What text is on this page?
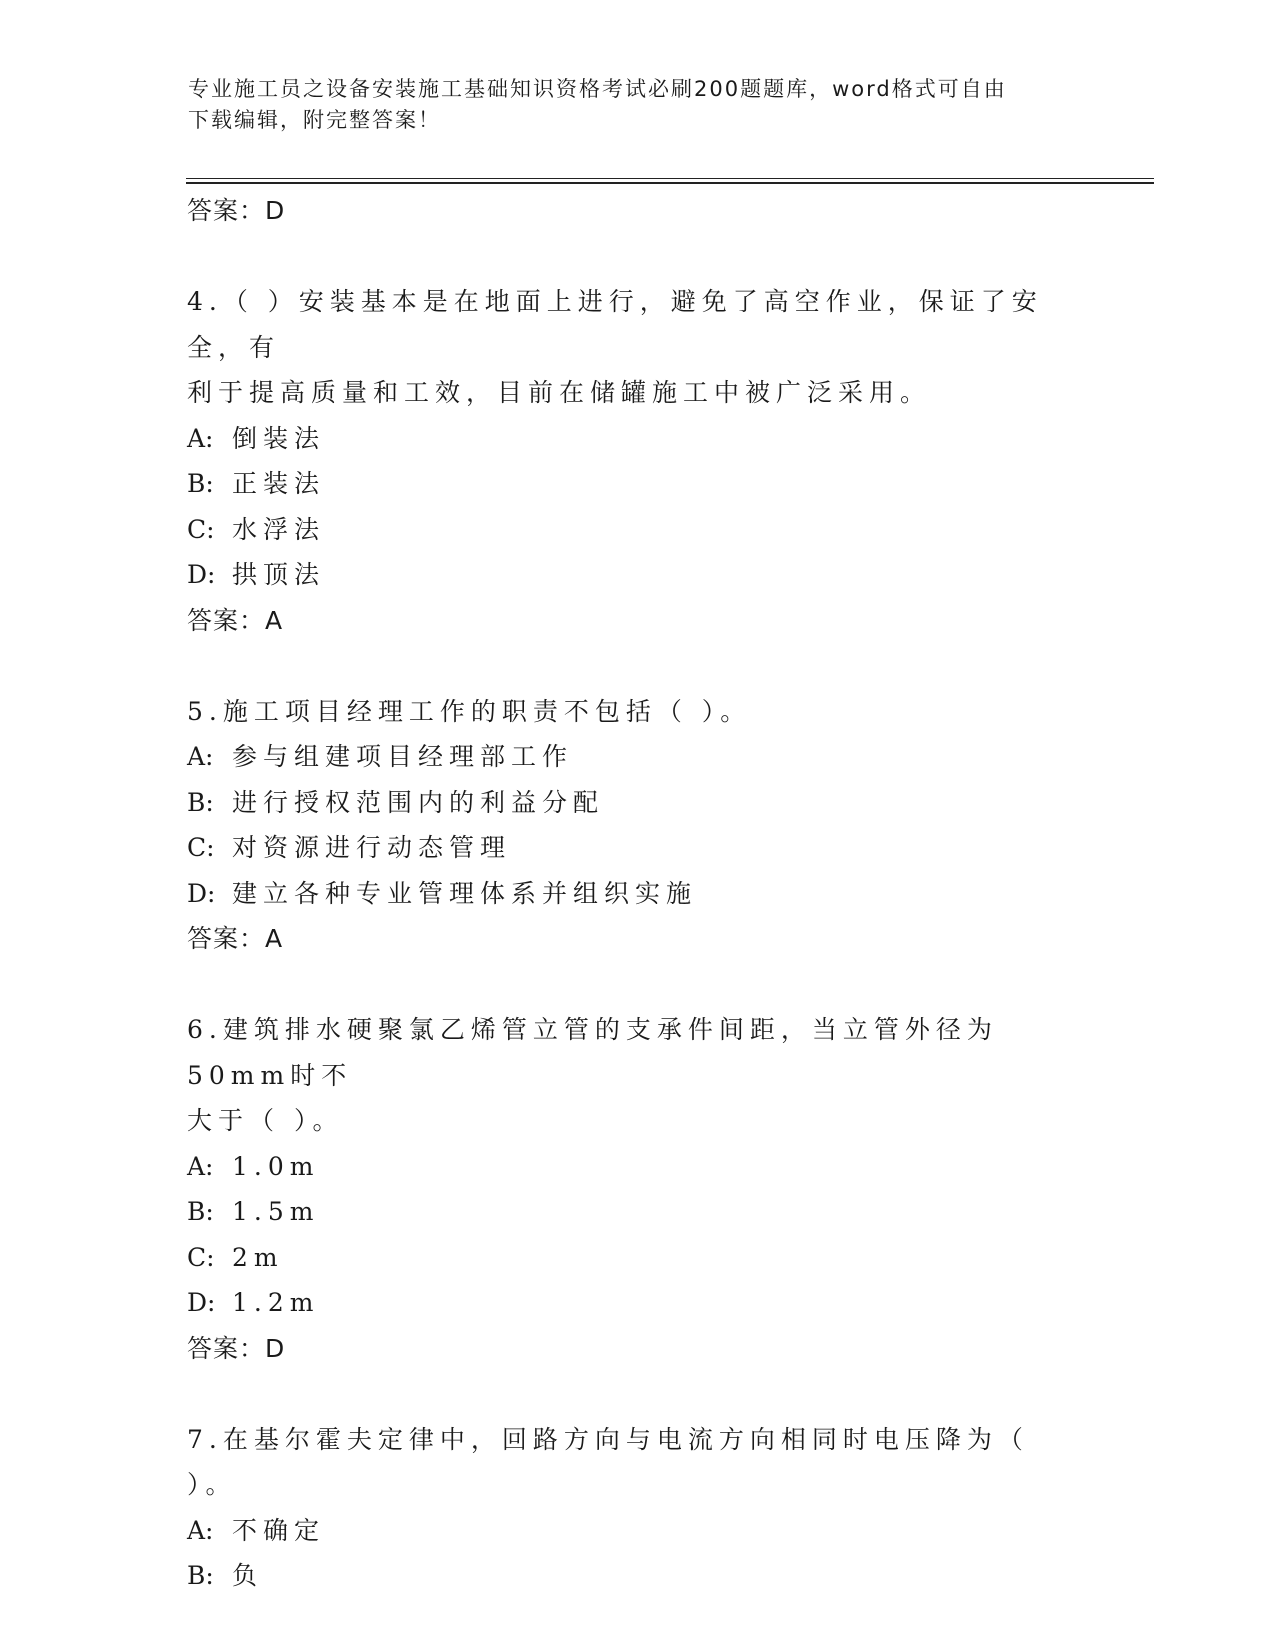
专业施工员之设备安装施工基础知识资格考试必刷200题题库，word格式可自由
下载编辑，附完整答案！
答案：D
4.（ ）安装基本是在地面上进行，避免了高空作业，保证了安全，有
利于提高质量和工效，目前在储罐施工中被广泛采用。
A: 倒装法
B: 正装法
C: 水浮法
D: 拱顶法
答案：A
5.施工项目经理工作的职责不包括（ ）。
A: 参与组建项目经理部工作
B: 进行授权范围内的利益分配
C: 对资源进行动态管理
D: 建立各种专业管理体系并组织实施
答案：A
6.建筑排水硬聚氯乙烯管立管的支承件间距，当立管外径为50mm时不
大于（ ）。
A: 1.0m
B: 1.5m
C: 2m
D: 1.2m
答案：D
7.在基尔霍夫定律中，回路方向与电流方向相同时电压降为（ ）。
A: 不确定
B: 负
